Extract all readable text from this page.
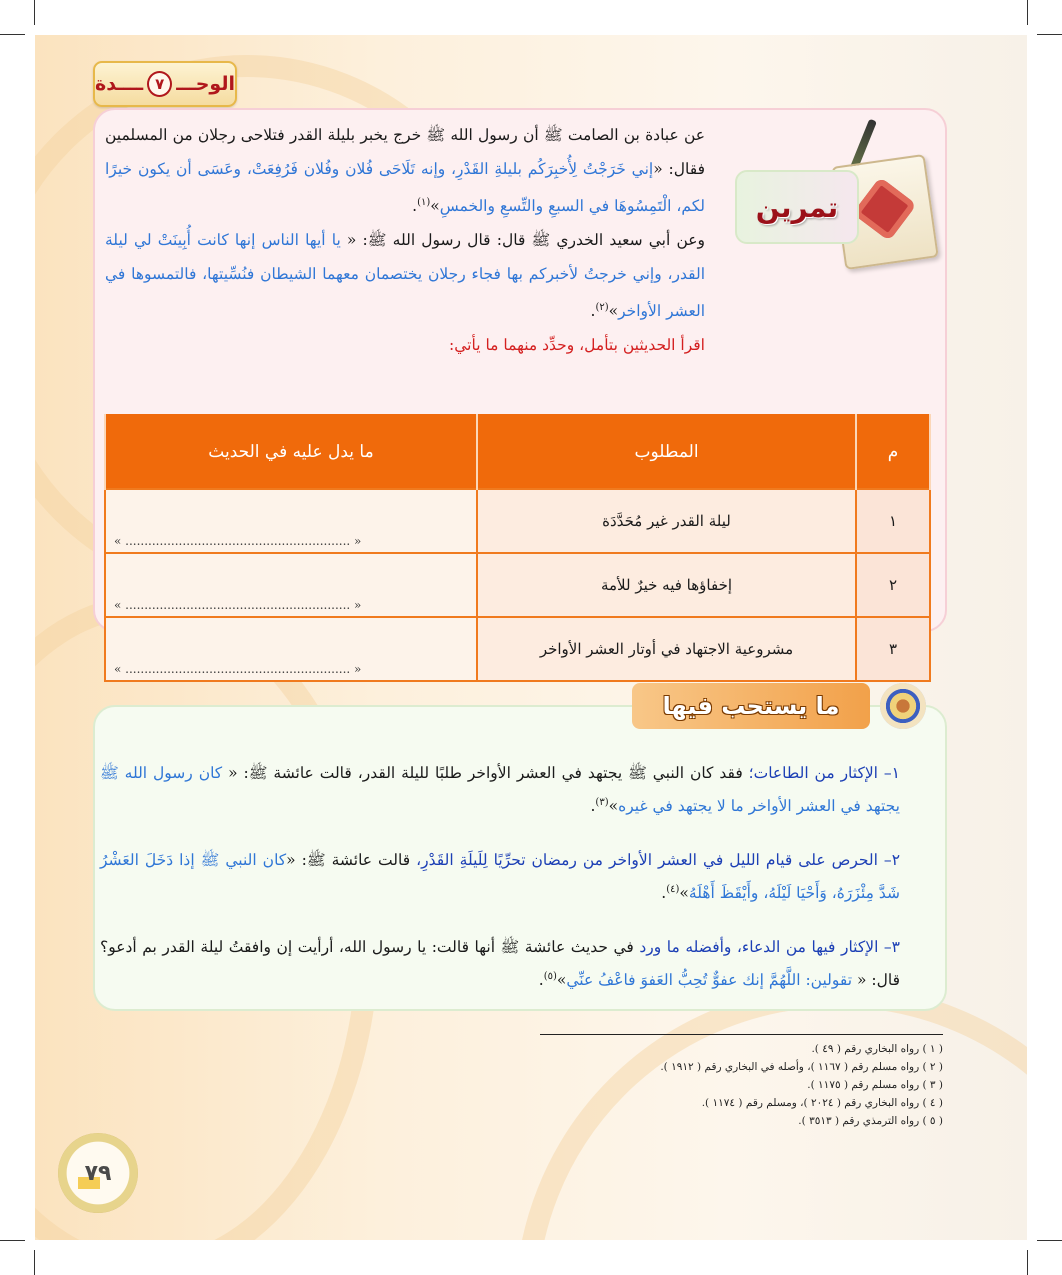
الوحـــ
٧
ــــدة
تمرين

عن عبادة بن الصامت ﷺ أن رسول الله ﷺ خرج يخبر بليلة القدر فتلاحى رجلان من المسلمين فقال: «إني خَرَجْتُ لِأُخبِرَكُم بليلةِ القَدْرِ، وإنه تَلَاحَى فُلان وفُلان فَرُفِعَتْ، وعَسَى أن يكون خيرًا لكم، الْتَمِسُوهَا في السبعِ والتِّسعِ والخمسِ»$^{(١)}$.

وعن أبي سعيد الخدري ﷺ قال: قال رسول الله ﷺ: « يا أيها الناس إنها كانت أُبِينَتْ لي ليلة القدر، وإني خرجتُ لأخبركم بها فجاء رجلان يختصمان معهما الشيطان فنُسِّيتها، فالتمسوها في العشر الأواخر»$^{(٢)}$.

اقرأ الحديثين بتأمل، وحدِّد منهما ما يأتي:

م	المطلوب	ما يدل عليه في الحديث
١	ليلة القدر غير مُحَدَّدَة	« ........................................................... »
٢	إخفاؤها فيه خيرٌ للأمة	« ........................................................... »
٣	مشروعية الاجتهاد في أوتار العشر الأواخر	« ........................................................... »
ما يستحب فيها

١– الإكثار من الطاعات؛ فقد كان النبي ﷺ يجتهد في العشر الأواخر طلبًا لليلة القدر، قالت عائشة ﷺ: « كان رسول الله ﷺ يجتهد في العشر الأواخر ما لا يجتهد في غيره»$^{(٣)}$.

٢– الحرص على قيام الليل في العشر الأواخر من رمضان تحرِّيًا لِلَيلَةِ القَدْرِ، قالت عائشة ﷺ: «كان النبي ﷺ إذا دَخَلَ العَشْرُ شَدَّ مِئْزَرَهُ، وَأَحْيَا لَيْلَهُ، وأَيْقَظَ أَهْلَهُ»$^{(٤)}$.

٣– الإكثار فيها من الدعاء، وأفضله ما ورد في حديث عائشة ﷺ أنها قالت: يا رسول الله، أرأيت إن وافقتُ ليلة القدر بم أدعو؟ قال: « تقولين: اللَّهُمَّ إنك عفوٌّ تُحِبُّ العَفوَ فاعْفُ عنِّي»$^{(٥)}$.

( ١ ) رواه البخاري رقم ( ٤٩ ).
( ٢ ) رواه مسلم رقم ( ١١٦٧ )، وأصله في البخاري رقم ( ١٩١٢ ).
( ٣ ) رواه مسلم رقم ( ١١٧٥ ).
( ٤ ) رواه البخاري رقم ( ٢٠٢٤ )، ومسلم رقم ( ١١٧٤ ).
( ٥ ) رواه الترمذي رقم ( ٣٥١٣ ).
٧٩
